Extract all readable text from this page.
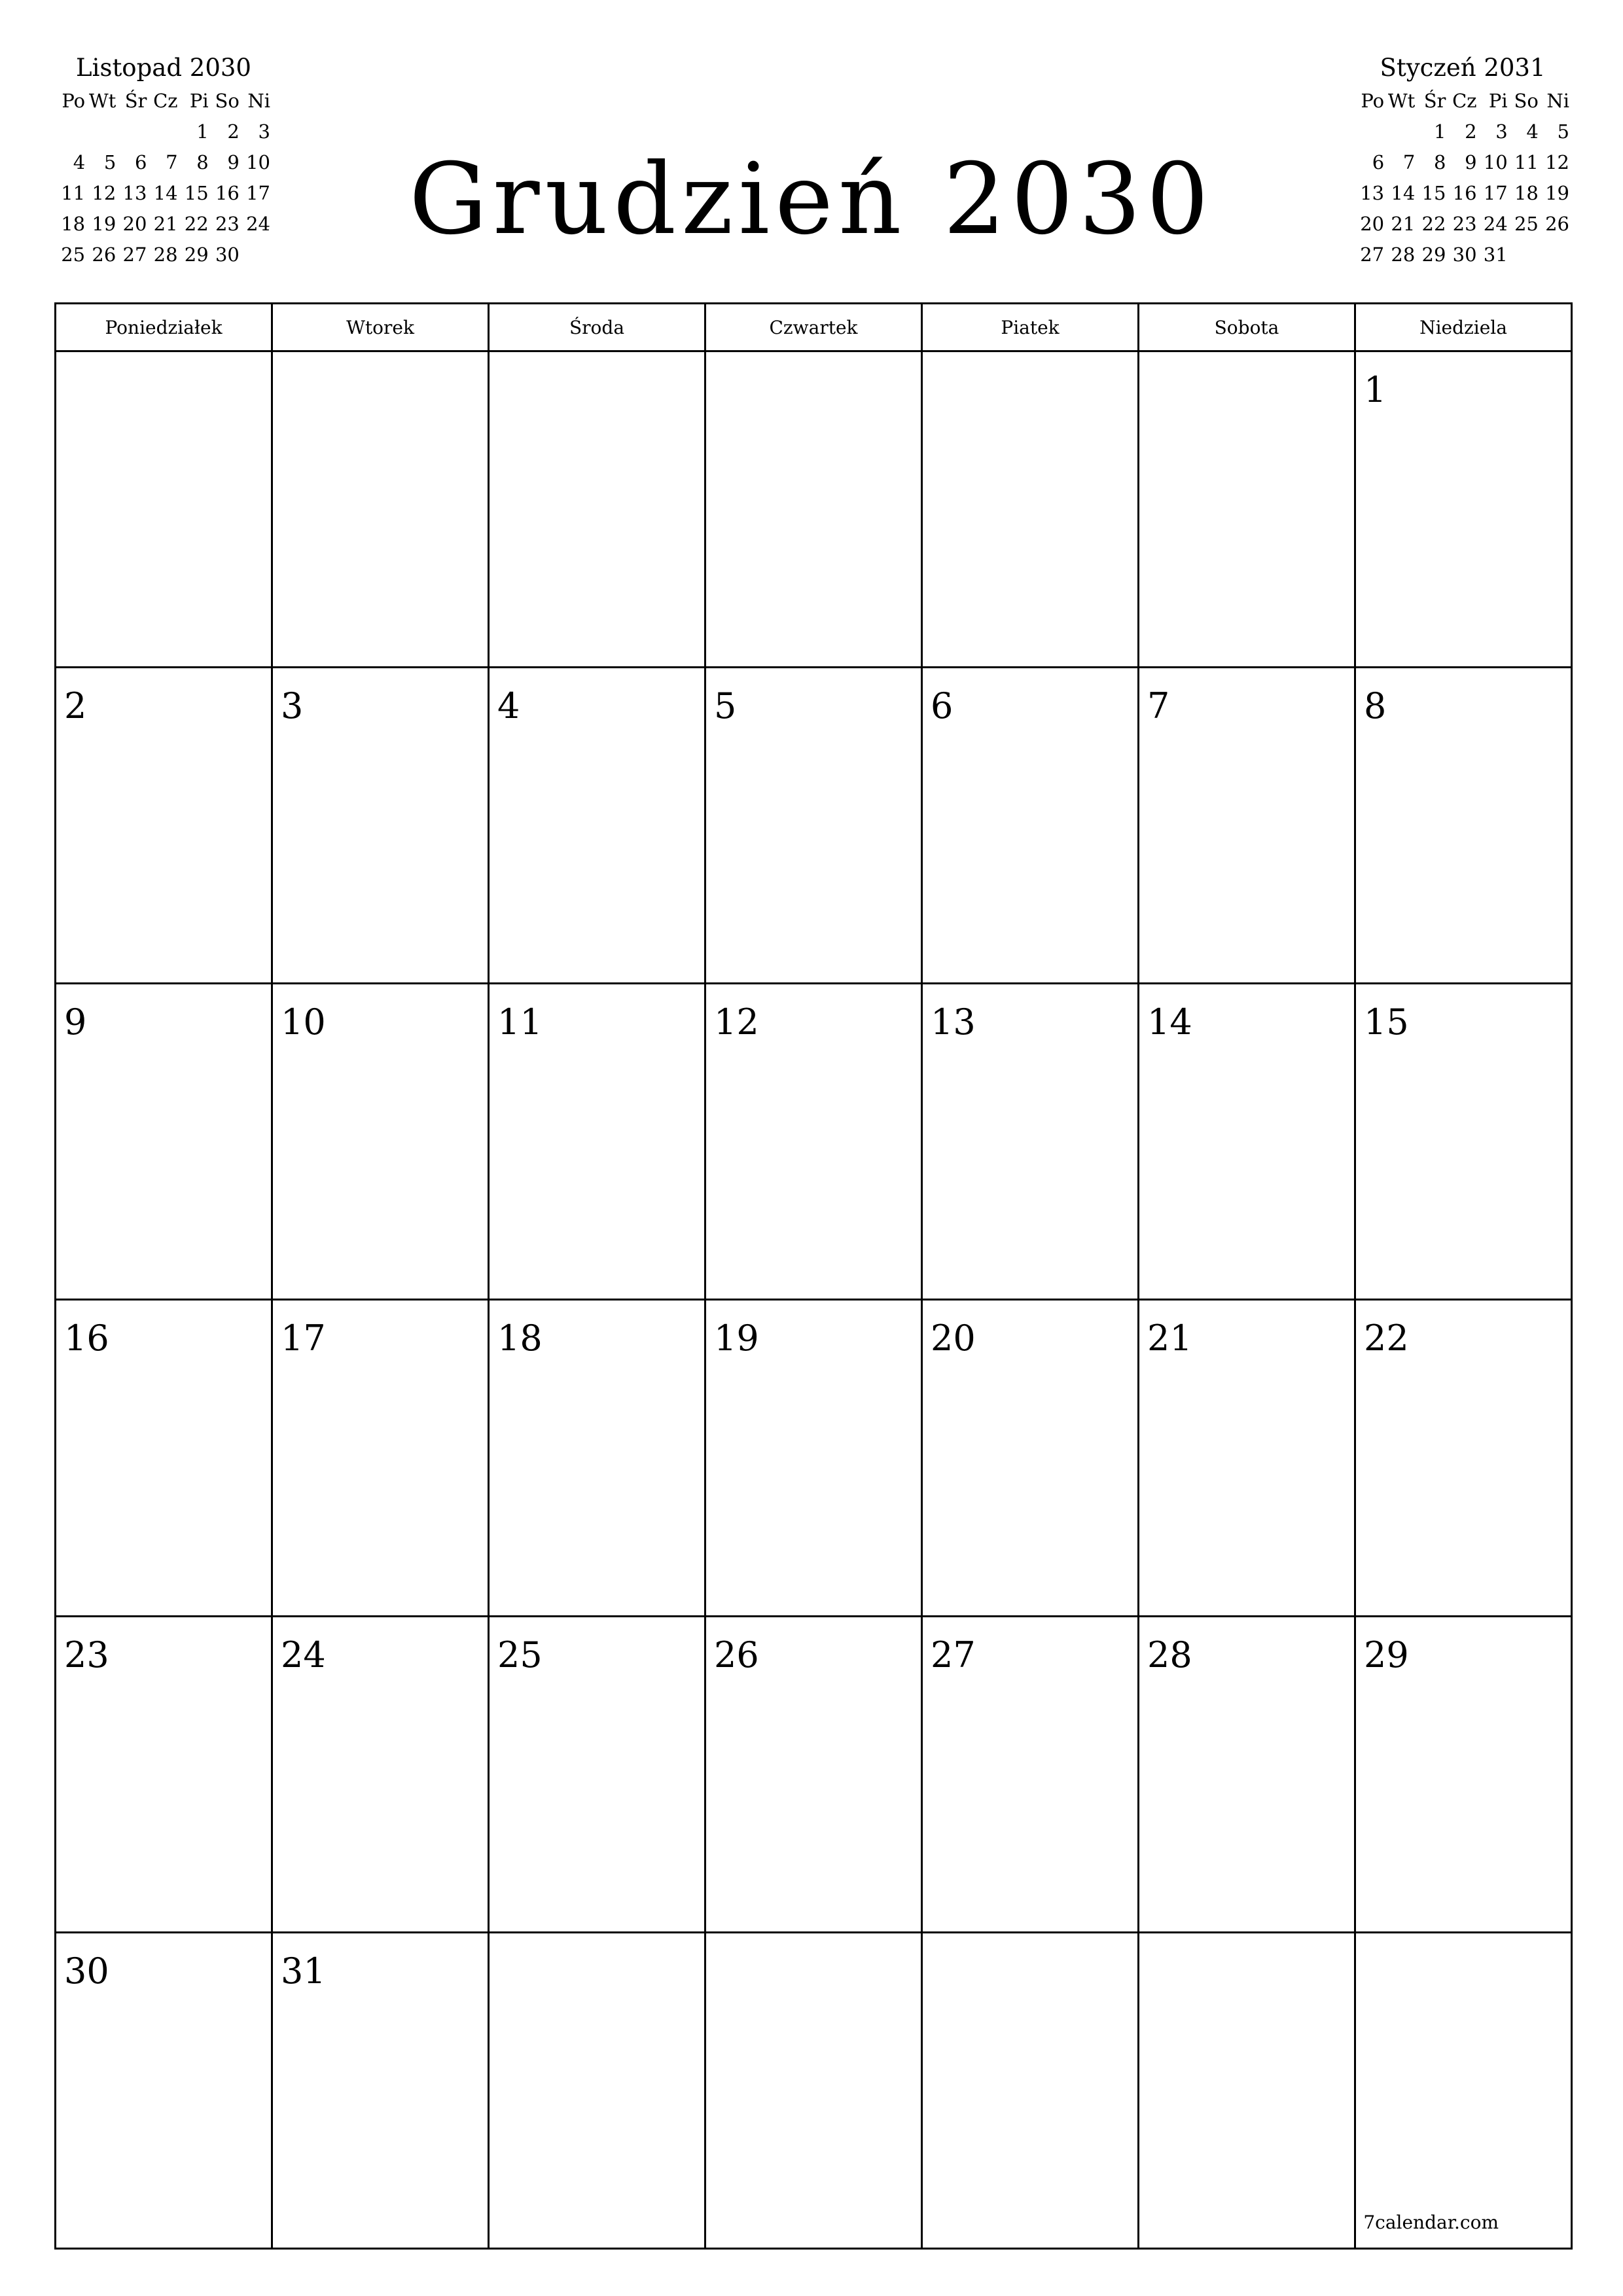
Listopad 2030
Po	Wt	Śr	Cz	Pi	So	Ni
				1	2	3
4	5	6	7	8	9	10
11	12	13	14	15	16	17
18	19	20	21	22	23	24
25	26	27	28	29	30	
Styczeń 2031
Po	Wt	Śr	Cz	Pi	So	Ni
		1	2	3	4	5
6	7	8	9	10	11	12
13	14	15	16	17	18	19
20	21	22	23	24	25	26
27	28	29	30	31		
Grudzień 2030
Poniedziałek	Wtorek	Środa	Czwartek	Piatek	Sobota	Niedziela

						1

2	3	4	5	6	7	8

9	10	11	12	13	14	15

16	17	18	19	20	21	22

23	24	25	26	27	28	29

30	31					7calendar.com
